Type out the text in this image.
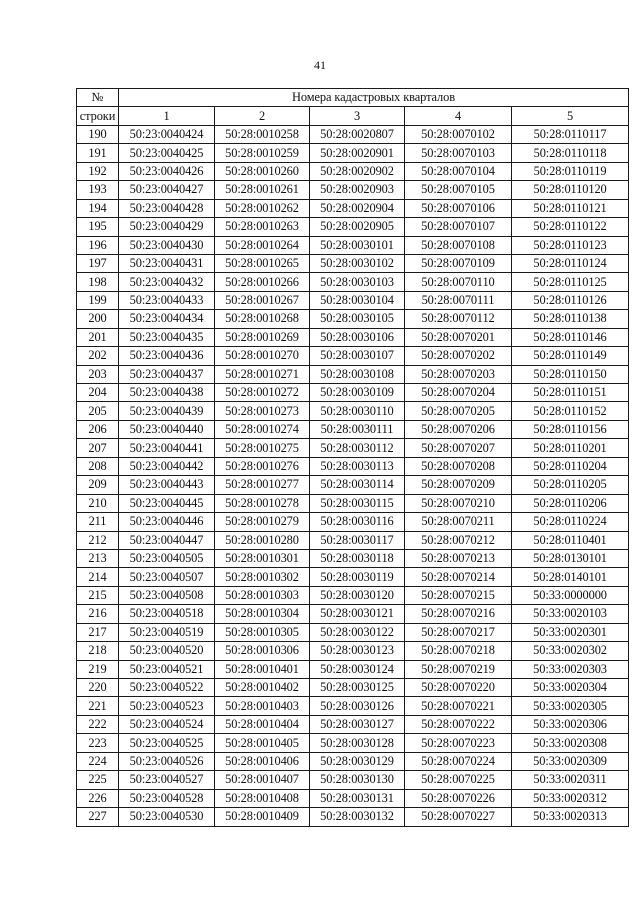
41
№	Номера кадастровых кварталов				
строки	1	2	3	4	5
190	50:23:0040424	50:28:0010258	50:28:0020807	50:28:0070102	50:28:0110117
191	50:23:0040425	50:28:0010259	50:28:0020901	50:28:0070103	50:28:0110118
192	50:23:0040426	50:28:0010260	50:28:0020902	50:28:0070104	50:28:0110119
193	50:23:0040427	50:28:0010261	50:28:0020903	50:28:0070105	50:28:0110120
194	50:23:0040428	50:28:0010262	50:28:0020904	50:28:0070106	50:28:0110121
195	50:23:0040429	50:28:0010263	50:28:0020905	50:28:0070107	50:28:0110122
196	50:23:0040430	50:28:0010264	50:28:0030101	50:28:0070108	50:28:0110123
197	50:23:0040431	50:28:0010265	50:28:0030102	50:28:0070109	50:28:0110124
198	50:23:0040432	50:28:0010266	50:28:0030103	50:28:0070110	50:28:0110125
199	50:23:0040433	50:28:0010267	50:28:0030104	50:28:0070111	50:28:0110126
200	50:23:0040434	50:28:0010268	50:28:0030105	50:28:0070112	50:28:0110138
201	50:23:0040435	50:28:0010269	50:28:0030106	50:28:0070201	50:28:0110146
202	50:23:0040436	50:28:0010270	50:28:0030107	50:28:0070202	50:28:0110149
203	50:23:0040437	50:28:0010271	50:28:0030108	50:28:0070203	50:28:0110150
204	50:23:0040438	50:28:0010272	50:28:0030109	50:28:0070204	50:28:0110151
205	50:23:0040439	50:28:0010273	50:28:0030110	50:28:0070205	50:28:0110152
206	50:23:0040440	50:28:0010274	50:28:0030111	50:28:0070206	50:28:0110156
207	50:23:0040441	50:28:0010275	50:28:0030112	50:28:0070207	50:28:0110201
208	50:23:0040442	50:28:0010276	50:28:0030113	50:28:0070208	50:28:0110204
209	50:23:0040443	50:28:0010277	50:28:0030114	50:28:0070209	50:28:0110205
210	50:23:0040445	50:28:0010278	50:28:0030115	50:28:0070210	50:28:0110206
211	50:23:0040446	50:28:0010279	50:28:0030116	50:28:0070211	50:28:0110224
212	50:23:0040447	50:28:0010280	50:28:0030117	50:28:0070212	50:28:0110401
213	50:23:0040505	50:28:0010301	50:28:0030118	50:28:0070213	50:28:0130101
214	50:23:0040507	50:28:0010302	50:28:0030119	50:28:0070214	50:28:0140101
215	50:23:0040508	50:28:0010303	50:28:0030120	50:28:0070215	50:33:0000000
216	50:23:0040518	50:28:0010304	50:28:0030121	50:28:0070216	50:33:0020103
217	50:23:0040519	50:28:0010305	50:28:0030122	50:28:0070217	50:33:0020301
218	50:23:0040520	50:28:0010306	50:28:0030123	50:28:0070218	50:33:0020302
219	50:23:0040521	50:28:0010401	50:28:0030124	50:28:0070219	50:33:0020303
220	50:23:0040522	50:28:0010402	50:28:0030125	50:28:0070220	50:33:0020304
221	50:23:0040523	50:28:0010403	50:28:0030126	50:28:0070221	50:33:0020305
222	50:23:0040524	50:28:0010404	50:28:0030127	50:28:0070222	50:33:0020306
223	50:23:0040525	50:28:0010405	50:28:0030128	50:28:0070223	50:33:0020308
224	50:23:0040526	50:28:0010406	50:28:0030129	50:28:0070224	50:33:0020309
225	50:23:0040527	50:28:0010407	50:28:0030130	50:28:0070225	50:33:0020311
226	50:23:0040528	50:28:0010408	50:28:0030131	50:28:0070226	50:33:0020312
227	50:23:0040530	50:28:0010409	50:28:0030132	50:28:0070227	50:33:0020313
